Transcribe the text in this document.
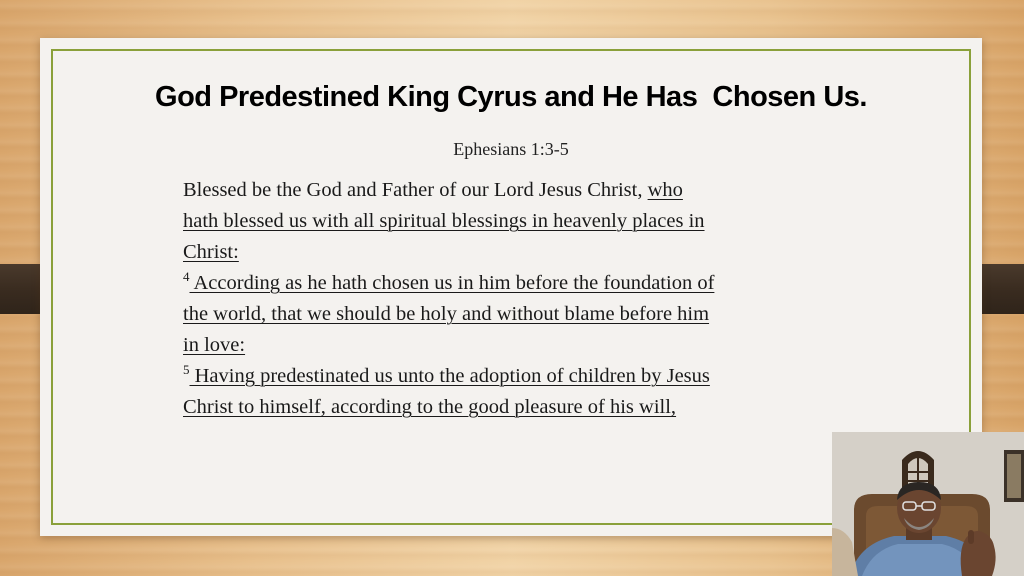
God Predestined King Cyrus and He Has  Chosen Us.
Ephesians 1:3-5
Blessed be the God and Father of our Lord Jesus Christ, who
hath blessed us with all spiritual blessings in heavenly places in
Christ:
$^4$ According as he hath chosen us in him before the foundation of
the world, that we should be holy and without blame before him
in love:
$^5$ Having predestinated us unto the adoption of children by Jesus
Christ to himself, according to the good pleasure of his will,
